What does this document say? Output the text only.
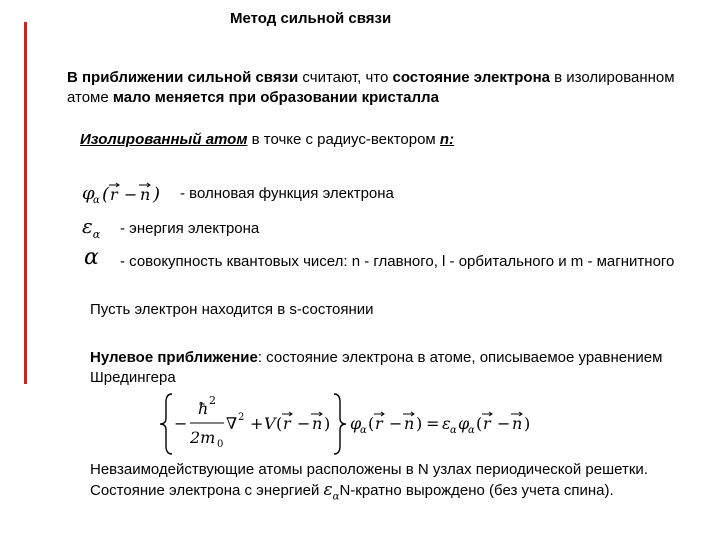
Метод сильной связи
В приближении сильной связи считают, что состояние электрона в изолированном атоме мало меняется при образовании кристалла
Изолированный атом в точке с радиус-вектором n:
φ
α ( r − n ) - волновая функция электрона
$\varepsilon_\alpha$ - энергия электрона
α - совокупность квантовых чисел: n - главного, l - орбитального и m - магнитного
Пусть электрон находится в s-состоянии
Нулевое приближение: состояние электрона в атоме, описываемое уравнением Шредингера
−
ħ 2
2m 0
∇ 2 + V ( r − n ) φ
α ( r − n ) = ε α φ
α ( r − n )
Невзаимодействующие атомы расположены в N узлах периодической решетки. Состояние электрона с энергией $\varepsilon_\alpha N$-кратно вырождено (без учета спина).
